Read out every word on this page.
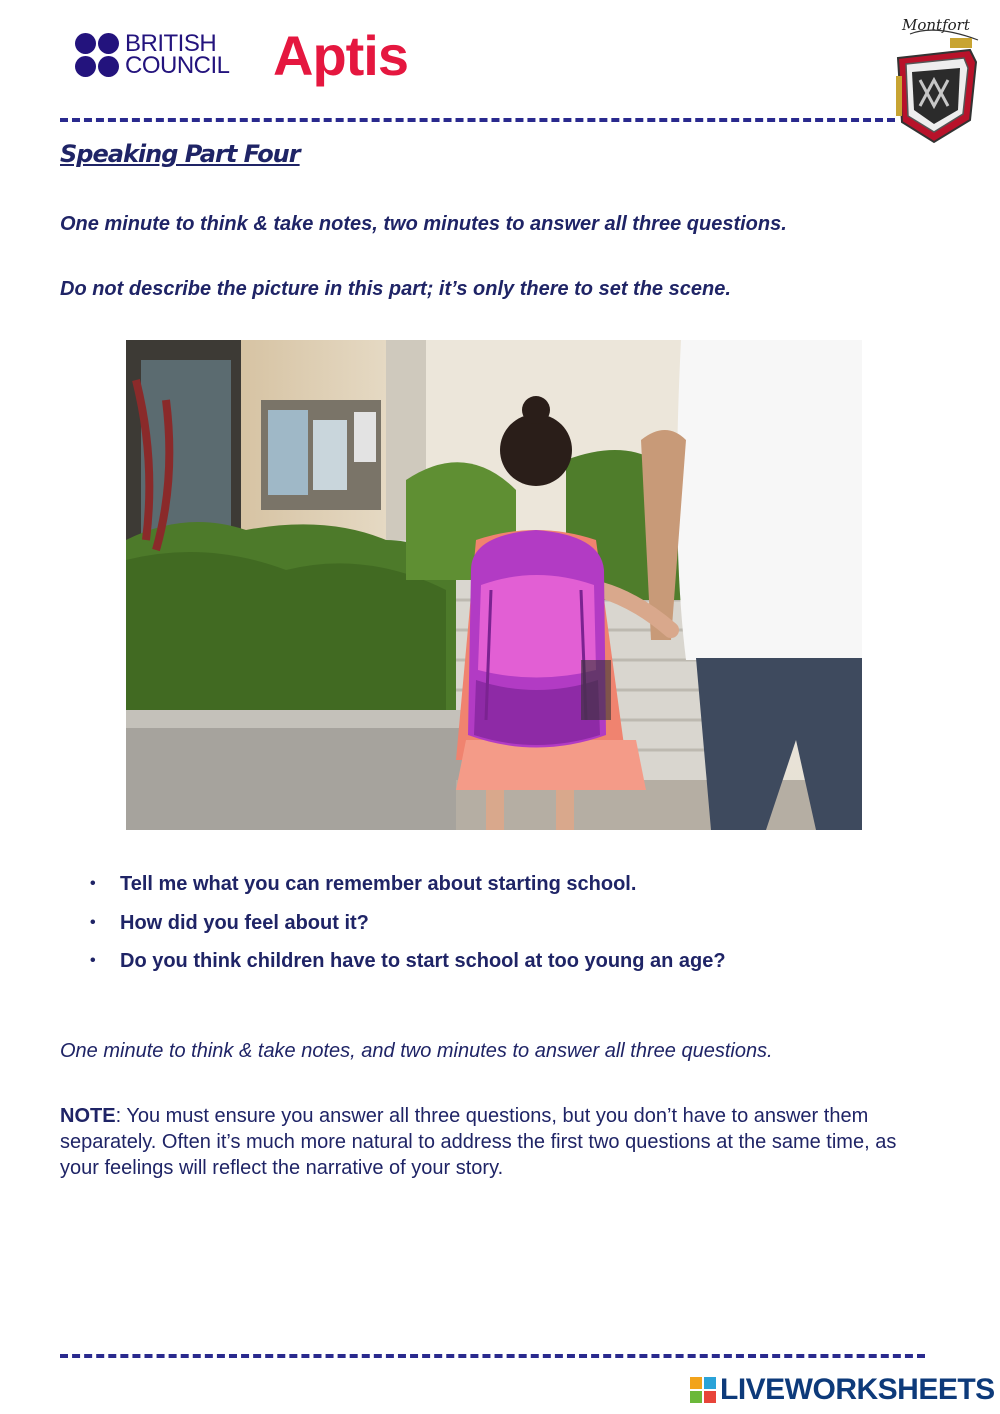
BRITISH
COUNCIL Aptis	Montfort
Speaking Part Four
One minute to think & take notes, two minutes to answer all three questions.
Do not describe the picture in this part; it’s only there to set the scene.
• Tell me what you can remember about starting school.
• How did you feel about it?
• Do you think children have to start school at too young an age?
One minute to think & take notes, and two minutes to answer all three questions.
NOTE: You must ensure you answer all three questions, but you don’t have to answer them separately. Often it’s much more natural to address the first two questions at the same time, as your feelings will reflect the narrative of your story.
LIVEWORKSHEETS
